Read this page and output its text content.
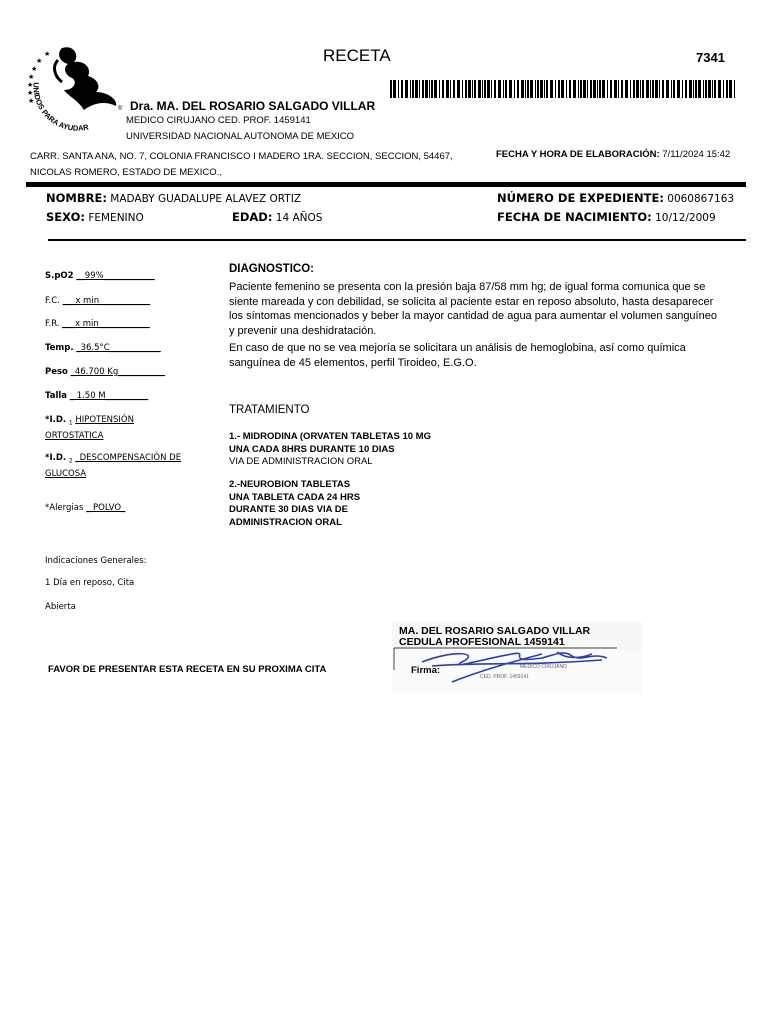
★
★
★
★
★
★
★
UNIDOS PARA AYUDAR
®
RECETA	7341
Dra. MA. DEL ROSARIO SALGADO VILLAR
MEDICO CIRUJANO CED. PROF. 1459141
UNIVERSIDAD NACIONAL AUTONOMA DE MEXICO
CARR. SANTA ANA, NO. 7, COLONIA FRANCISCO I MADERO 1RA. SECCION, SECCION, 54467, NICOLAS ROMERO, ESTADO DE MEXICO.,
FECHA Y HORA DE ELABORACIÓN: 7/11/2024 15:42
NOMBRE: MADABY GUADALUPE ALAVEZ ORTIZ	NÚMERO DE EXPEDIENTE: 0060867163
SEXO: FEMENINO	EDAD: 14 AÑOS	FECHA DE NACIMIENTO: 10/12/2009
S.pO2 __99%____________
F.C. ___x min____________
F.R. ___x min____________
Temp. _36.5°C____________
Peso _46.700 Kg___________
Talla _ 1.50 M__________
*I.D. $_1$ HIPOTENSIÓN ORTOSTATICA
*I.D. $_2$ _DESCOMPENSACIÓN DE GLUCOSA
*Alergias _ POLVO_
Indicaciones Generales:
1 Día en reposo, Cita
Abierta
DIAGNOSTICO:

Paciente femenino se presenta con la presión baja 87/58 mm hg; de igual forma comunica que se siente mareada y con debilidad, se solicita al paciente estar en reposo absoluto, hasta desaparecer los síntomas mencionados y beber la mayor cantidad de agua para aumentar el volumen sanguíneo y prevenir una deshidratación.

En caso de que no se vea mejoría se solicitara un análisis de hemoglobina, así como química sanguínea de 45 elementos, perfil Tiroideo, E.G.O.

TRATAMIENTO
1.- MIDRODINA (ORVATEN TABLETAS 10 MG
UNA CADA 8HRS DURANTE 10 DIAS
VIA DE ADMINISTRACION ORAL
2.-NEUROBION TABLETAS
UNA TABLETA CADA 24 HRS
DURANTE 30 DIAS VIA DE
ADMINISTRACION ORAL
FAVOR DE PRESENTAR ESTA RECETA EN SU PROXIMA CITA	MEDICO CIRUJANO
CED. PROF. 1459141
MA. DEL ROSARIO SALGADO VILLAR
CEDULA PROFESIONAL 1459141
Firma:
